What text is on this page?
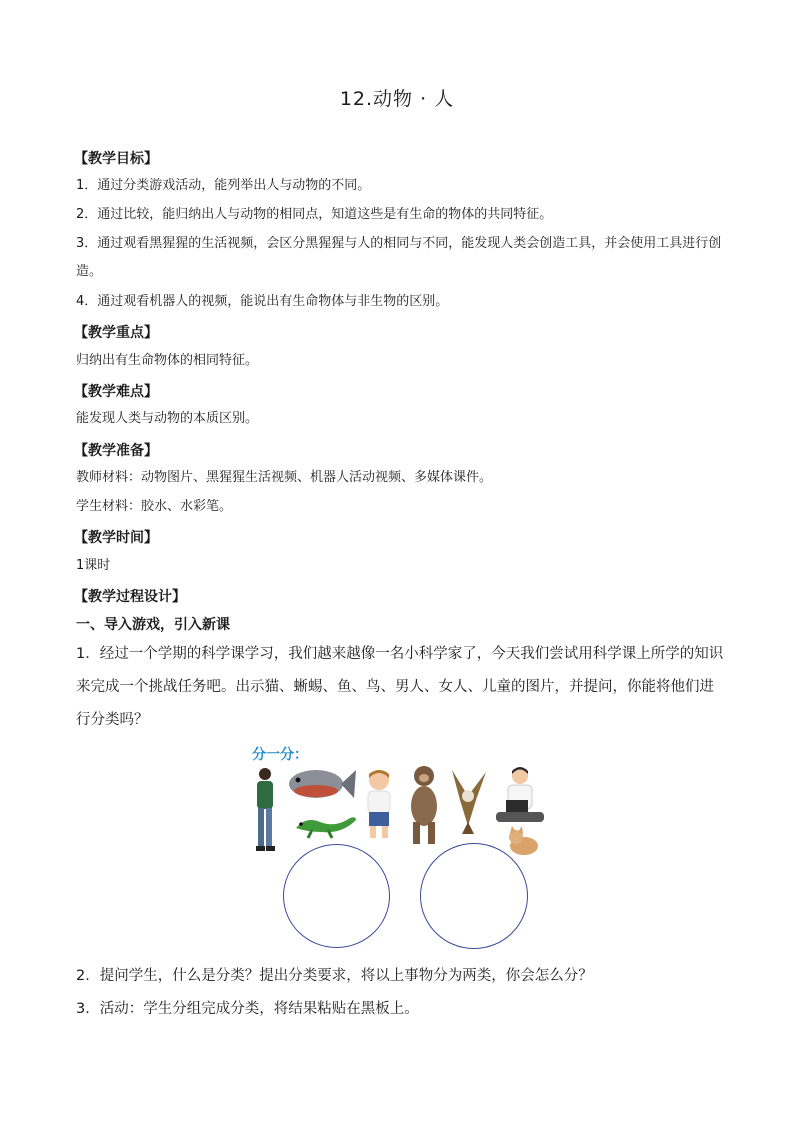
12.动物 · 人
【教学目标】
1．通过分类游戏活动，能列举出人与动物的不同。
2．通过比较，能归纳出人与动物的相同点，知道这些是有生命的物体的共同特征。
3．通过观看黑猩猩的生活视频，会区分黑猩猩与人的相同与不同，能发现人类会创造工具，并会使用工具进行创造。
4．通过观看机器人的视频，能说出有生命物体与非生物的区别。
【教学重点】
归纳出有生命物体的相同特征。
【教学难点】
能发现人类与动物的本质区别。
【教学准备】
教师材料：动物图片、黑猩猩生活视频、机器人活动视频、多媒体课件。
学生材料：胶水、水彩笔。
【教学时间】
1课时
【教学过程设计】
一、导入游戏，引入新课
1．经过一个学期的科学课学习，我们越来越像一名小科学家了，今天我们尝试用科学课上所学的知识来完成一个挑战任务吧。出示猫、蜥蜴、鱼、鸟、男人、女人、儿童的图片，并提问，你能将他们进行分类吗？
分一分：
2．提问学生，什么是分类？提出分类要求，将以上事物分为两类，你会怎么分？
3．活动：学生分组完成分类，将结果粘贴在黑板上。
